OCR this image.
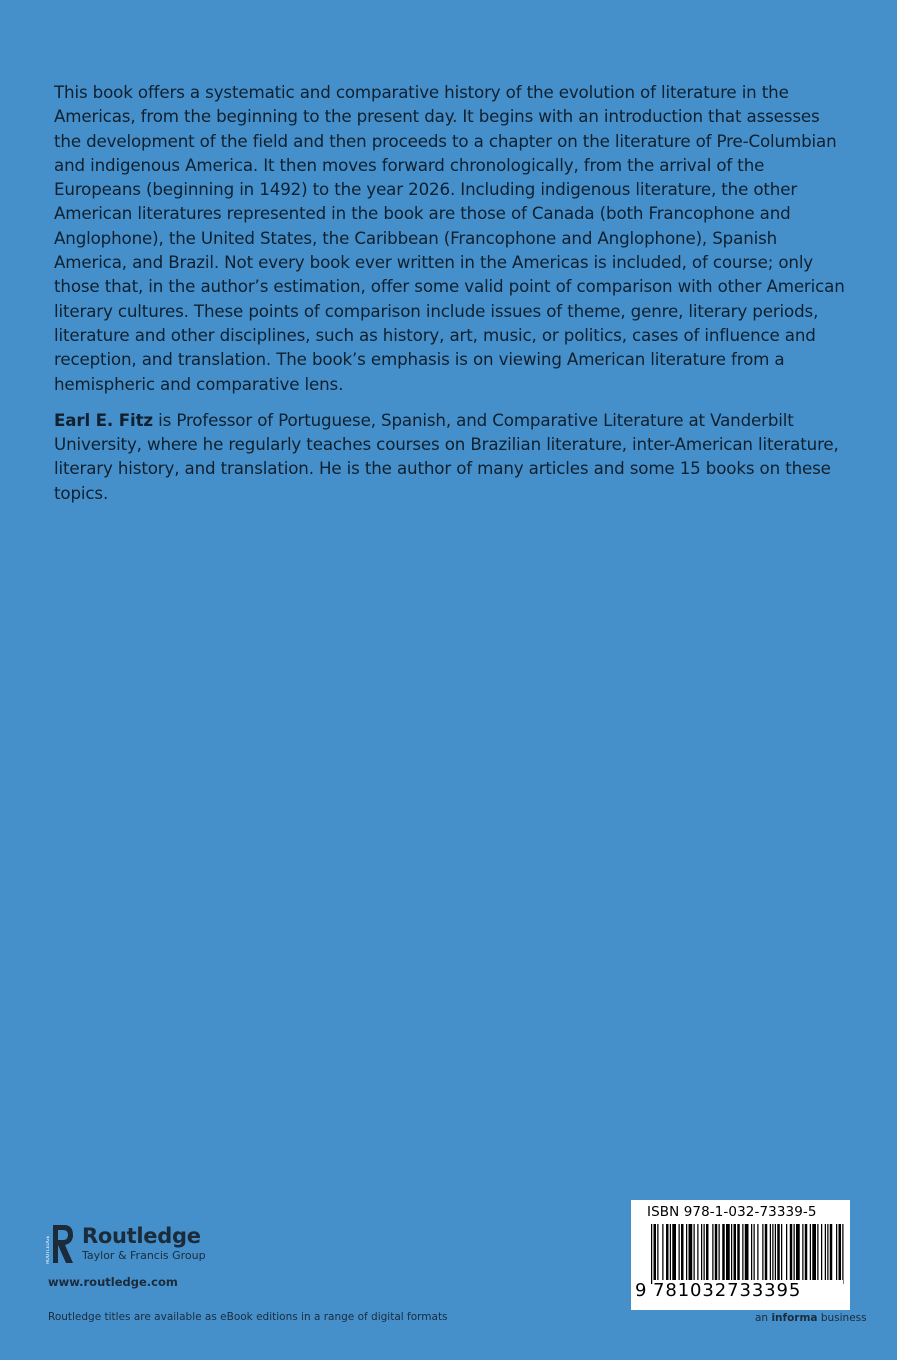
This book offers a systematic and comparative history of the evolution of literature in the Americas, from the beginning to the present day. It begins with an introduction that assesses the development of the field and then proceeds to a chapter on the literature of Pre-Columbian and indigenous America. It then moves forward chronologically, from the arrival of the Europeans (beginning in 1492) to the year 2026. Including indigenous literature, the other American literatures represented in the book are those of Canada (both Francophone and Anglophone), the United States, the Caribbean (Francophone and Anglophone), Spanish America, and Brazil. Not every book ever written in the Americas is included, of course; only those that, in the author’s estimation, offer some valid point of comparison with other American literary cultures. These points of comparison include issues of theme, genre, literary periods, literature and other disciplines, such as history, art, music, or politics, cases of influence and reception, and translation. The book’s emphasis is on viewing American literature from a hemispheric and comparative lens.

Earl E. Fitz is Professor of Portuguese, Spanish, and Comparative Literature at Vanderbilt University, where he regularly teaches courses on Brazilian literature, inter-American literature, literary history, and translation. He is the author of many articles and some 15 books on these topics.

ROUTLEDGE Routledge
Taylor & Francis Group
www.routledge.com
Routledge titles are available as eBook editions in a range of digital formats
ISBN 978-1-032-73339-5
9 781032733395
an informa business
